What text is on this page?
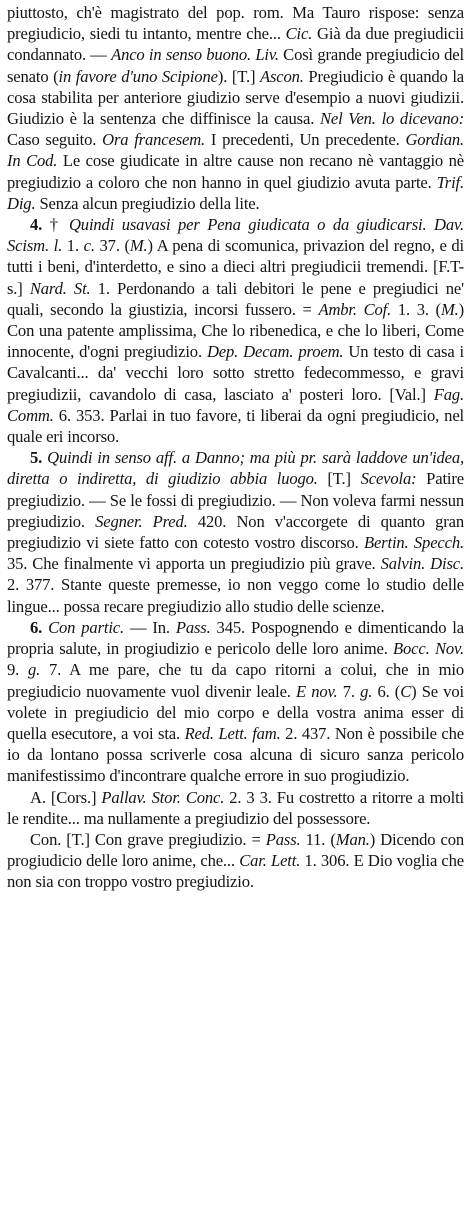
piuttosto, ch'è magistrato del pop. rom. Ma Tauro rispose: senza pregiudicio, siedi tu intanto, mentre che... Cic. Già da due pregiudicii condannato. — Anco in senso buono. Liv. Così grande pregiudicio del senato (in favore d'uno Scipione). [T.] Ascon. Pregiudicio è quando la cosa stabilita per anteriore giudizio serve d'esempio a nuovi giudizii. Giudizio è la sentenza che diffinisce la causa. Nel Ven. lo dicevano: Caso seguito. Ora francesem. I precedenti, Un precedente. Gordian. In Cod. Le cose giudicate in altre cause non recano nè vantaggio nè pregiudizio a coloro che non hanno in quel giudizio avuta parte. Trif. Dig. Senza alcun pregiudizio della lite.

4. † Quindi usavasi per Pena giudicata o da giudicarsi. Dav. Scism. l. 1. c. 37. (M.) A pena di scomunica, privazion del regno, e di tutti i beni, d'interdetto, e sino a dieci altri pregiudicii tremendi. [F.T-s.] Nard. St. 1. Perdonando a tali debitori le pene e pregiudici ne' quali, secondo la giustizia, incorsi fussero. = Ambr. Cof. 1. 3. (M.) Con una patente amplissima, Che lo ribenedica, e che lo liberi, Come innocente, d'ogni pregiudizio. Dep. Decam. proem. Un testo di casa i Cavalcanti... da' vecchi loro sotto stretto fedecommesso, e gravi pregiudizii, cavandolo di casa, lasciato a' posteri loro. [Val.] Fag. Comm. 6. 353. Parlai in tuo favore, ti liberai da ogni pregiudicio, nel quale eri incorso.

5. Quindi in senso aff. a Danno; ma più pr. sarà laddove un'idea, diretta o indiretta, di giudizio abbia luogo. [T.] Scevola: Patire pregiudizio. — Se le fossi di pregiudizio. — Non voleva farmi nessun pregiudizio. Segner. Pred. 420. Non v'accorgete di quanto gran pregiudizio vi siete fatto con cotesto vostro discorso. Bertin. Specch. 35. Che finalmente vi apporta un pregiudizio più grave. Salvin. Disc. 2. 377. Stante queste premesse, io non veggo come lo studio delle lingue... possa recare pregiudizio allo studio delle scienze.

6. Con partic. — In. Pass. 345. Pospognendo e dimenticando la propria salute, in progiudizio e pericolo delle loro anime. Bocc. Nov. 9. g. 7. A me pare, che tu da capo ritorni a colui, che in mio pregiudicio nuovamente vuol divenir leale. E nov. 7. g. 6. (C) Se voi volete in pregiudicio del mio corpo e della vostra anima esser di quella esecutore, a voi sta. Red. Lett. fam. 2. 437. Non è possibile che io da lontano possa scriverle cosa alcuna di sicuro sanza pericolo manifestissimo d'incontrare qualche errore in suo progiudizio.

A. [Cors.] Pallav. Stor. Conc. 2. 3 3. Fu costretto a ritorre a molti le rendite... ma nullamente a pregiudizio del possessore.

Con. [T.] Con grave pregiudizio. = Pass. 11. (Man.) Dicendo con progiudicio delle loro anime, che... Car. Lett. 1. 306. E Dio voglia che non sia con troppo vostro pregiudizio.
